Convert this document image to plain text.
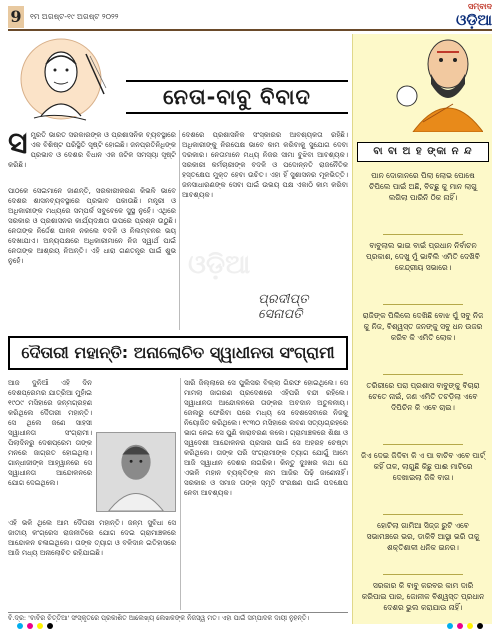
9	୧ମ ଅଗଷ୍ଟ-୧୯ ଅଗଷ୍ଟ ୨୦୨୨
ସମ୍ବାଦ
ଓଡ଼ିଆ
ନେତା-ବାବୁ ବିବାଦ
ସ ମ୍ପ୍ରତି ଭାରତ ସରକାରଙ୍କ ଓ ପ୍ରଶାସନିକ ବ୍ୟବସ୍ଥାରେ ଏକ ବିଶିଷ୍ଟ ପରିସ୍ଥିତି ସୃଷ୍ଟି ହୋଇଛି। ଜନପ୍ରତିନିଧିଙ୍କ ପ୍ରଭାବ ଓ ଦେଶର ବିଧାନ ଏକ ଜଟିଳ ସମସ୍ୟା ସୃଷ୍ଟି କରିଛି।

ପାଠକେ ସେଇମାନେ ଜାଣନ୍ତି, ସରକାରୀକରଣ କିଭଳି ଭାବେ ଦେଶର ଶାସନବ୍ୟବସ୍ଥାରେ ପ୍ରଭାବ ପକାଉଛି। ମନ୍ତ୍ରୀ ଓ ଅଧିକାରୀଙ୍କ ମଧ୍ୟରେ ସମ୍ପର୍କ ସବୁବେଳେ ସୁସ୍ଥ ନୁହେଁ। ଏଥିରେ ସରକାର ଓ ପ୍ରଶାସନର କାର୍ଯ୍ୟଦକ୍ଷତା ଉପରେ ପ୍ରଶ୍ନ ଉଠୁଛି। ନେତାଙ୍କ ନିର୍ଦ୍ଦେଶ ପାଳନ ନକଲେ ବଦଳି ଓ ନିଲମ୍ବନର ଭୟ ଦେଖାଯାଏ। ଅନ୍ୟପକ୍ଷରେ ଅଧିକାରୀମାନେ ନିଜ ସ୍ୱାର୍ଥ ପାଇଁ ନେତାଙ୍କ ଆଶ୍ରୟ ନିଅନ୍ତି। ଏହି ଧାରା ଗଣତନ୍ତ୍ର ପାଇଁ ଶୁଭ ନୁହେଁ।

ଦେଶରେ ପ୍ରଶାସନିକ ସଂସ୍କାରର ଆବଶ୍ୟକତା ରହିଛି। ଅଧିକାରୀଙ୍କୁ ନିରପେକ୍ଷ ଭାବେ କାମ କରିବାକୁ ସୁଯୋଗ ଦେବା ଦରକାର। ନେତାମାନେ ମଧ୍ୟ ନିଜର ସୀମା ବୁଝିବା ଆବଶ୍ୟକ। ସରକାରୀ କର୍ମଚାରୀଙ୍କ ବଦଳି ଓ ପଦୋନ୍ନତି ରାଜନୈତିକ ହସ୍ତକ୍ଷେପ ମୁକ୍ତ ହେବା ଉଚିତ। ଏହା ହିଁ ସୁଶାସନର ମୂଳଭିତ୍ତି। ଜନସାଧାରଣଙ୍କ ସେବା ପାଇଁ ଉଭୟ ପକ୍ଷ ଏକାଠି କାମ କରିବା ଆବଶ୍ୟକ।

ଓଡ଼ିଆ
ପ୍ରଦୀପ୍ତ ସେନାପତି
ବା ବା ଅ ହ ଙ୍କା ନ ନ୍ଦ
ପାନ ଦୋକାନରେ ପିଲା ଲୋଭ ପୋଷେ ଚିପିଲେ ପାଇଁ ଅଛି, ବିଚ୍ଛୁ କୁ ମାନ ଲାଗୁ ଲଗିଲା ପାରିନି ଠିକ ନାହିଁ।
ବାବୁଲାଲ ଭାଇ ବାଇଁ ପ୍ରଧାନ ନିର୍ବାଚନ ପ୍ରକାଶ, ଦେଖୁ ମୁଁ ଭାବିଲି ଏମିତି ଦେଖିବି କେନ୍ଦ୍ରୀୟ ସଭାରେ।
ରାଜିଙ୍କ ପିଲିଲେ ଦେଖିଛି ବୋଝ ପୁଁ ସବୁ ନିଜ କୁ ନିଜ, ବିଶ୍ୱସ୍ତ ଜନଙ୍କୁ ସବୁ ଧନ ଉଜର କରିବ କି ଏମିତି ଲୋକ।
ତରିରୀରେ ପରା ପ୍ରଶାସ ବାବୁଙ୍କୁ ବିଚାରା ଚେତେ ନାଇଁ, ଜଣ ଏମିତି ତଚଡ଼ିଲା ଏବେ ଦିପିଚିନ କି ଏବେ ଚାଇ।
ଜିଏ ଦେଇ ଜିଦିବା କି ଏ ପା ବାଚିବ ଏବେ ପାର୍ଟ୍ କହିଁ ତାଳ, ଲାଗୁଛି କିଛୁ ପାଈ ମାଟିରେ ଦେଖାଇଲା ଜିକି ବାଗ।
ହୋଟିଲା ଗାମିଆ ସିଜ୍ଜ ରୁଟି ଏବେ ସଭାମଞ୍ଚରେ ଭର, ଡାକିବି ଆସ୍ଥା ଭରି ତାକୁ ଶକ୍ତିଶାଳୀ ଧନିକ ଇନର।
ସରକାର କି ବାବୁ କରବର କାମ ଦାରି କରିପାଇ ପାର, ଜୋନୀକ ବିଶ୍ୱସ୍ତ ପ୍ରଧାନ ଦେଶର ଭୁଲ କରାଯାଉ ନାହିଁ।
ଦୈତାରୀ ମହାନ୍ତି: ଅନାଲୋଚିତ ସ୍ୱାଧୀନତା ସଂଗ୍ରାମୀ

ଆଜ ଦୁନିଆଁ ଏହି ଦିନ ଦେଶପ୍ରେମର ଯାତ୍ରିଆ ମୁହାଁଇ ୧୯୦୯ ମସିହାରେ ଜନ୍ମଗ୍ରହଣ କରିଥିଲେ ଦୈତାରୀ ମହାନ୍ତି। ସେ ଥିଲେ ଜଣେ ସାହସୀ ସ୍ୱାଧୀନତା ସଂଗ୍ରାମୀ। ପିଲାଦିନରୁ ଦେଶପ୍ରେମ ତାଙ୍କ ମନରେ ଜାଗ୍ରତ ହୋଇଥିଲା। ଗାନ୍ଧୀଜୀଙ୍କ ଆହ୍ୱାନରେ ସେ ସ୍ୱାଧୀନତା ଆନ୍ଦୋଳନରେ ଯୋଗ ଦେଇଥିଲେ।

ଏହି ଭଳି ଥିଲେ ଆମ ଦୈତାରୀ ମହାନ୍ତି। ଜନ୍ମ ସୁବିଧା ସେ ଜାତୀୟ କଂଗ୍ରେସ ରାଜନୀତିରେ ଯୋଗ ଦେଇ ଗ୍ରାମାଞ୍ଚଳରେ ଆନ୍ଦୋଳନ ଚଳାଇଥିଲେ। ତାଙ୍କ ତ୍ୟାଗ ଓ ବଳିଦାନ ଇତିହାସରେ ଆଜି ମଧ୍ୟ ଅନାଲୋଚିତ ରହିଯାଇଛି।

ସାରି ଜିଲ୍ଲାରେ ସେ ପୁଲିସର ବିଲ୍ଲା ଗିରଫ ହୋଇଥିଲେ। ସେ ମାମଲା ଜାଗରଣ ପ୍ରଦେଶରେ ଏହିପରି ବନ୍ଦୀ ରହିଲେ। ସ୍ୱାଧୀନତା ଆନ୍ଦୋଳନରେ ତାଙ୍କର ଅବଦାନ ଅତୁଳନୀୟ। ଜେଲରୁ ଫେରିବା ପରେ ମଧ୍ୟ ସେ ଦେଶସେବାରେ ନିଜକୁ ନିୟୋଜିତ କରିଥିଲେ। ୧୯୩୦ ମସିହାରେ ଲବଣ ସତ୍ୟାଗ୍ରହରେ ଭାଗ ନେଇ ସେ ପୁଣି କାରାବରଣ କଲେ। ଗ୍ରାମାଞ୍ଚଳରେ ଶିକ୍ଷା ଓ ସ୍ୱଦେଶୀ ଆନ୍ଦୋଳନର ପ୍ରସାର ପାଇଁ ସେ ଅହରହ ଚେଷ୍ଟା କରିଥିଲେ। ତାଙ୍କ ପରି ସଂଗ୍ରାମୀଙ୍କ ତ୍ୟାଗ ଯୋଗୁଁ ଆମେ ଆଜି ସ୍ୱାଧୀନ ଦେଶର ନାଗରିକ। କିନ୍ତୁ ଦୁଃଖର କଥା ଯେ ଏଭଳି ମହାନ ବ୍ୟକ୍ତିଙ୍କ ନାମ ଆଜିର ପିଢ଼ି ଜାଣେନାହିଁ। ସରକାର ଓ ସମାଜ ତାଙ୍କ ସ୍ମୃତି ସଂରକ୍ଷଣ ପାଇଁ ପଦକ୍ଷେପ ନେବା ଆବଶ୍ୟକ।

ବି.ଦ୍ର: 'ବାବିର ଚିତ୍ତିଆ' ସଂସ୍କୃତରେ ପ୍ରକାଶିତ ଆଲେଖ୍ୟ ଲେଖକଙ୍କ ନିଜସ୍ୱ ମତ। ଏହା ପାଇଁ ସମ୍ପାଦକ ଦାୟୀ ନୁହନ୍ତି।
